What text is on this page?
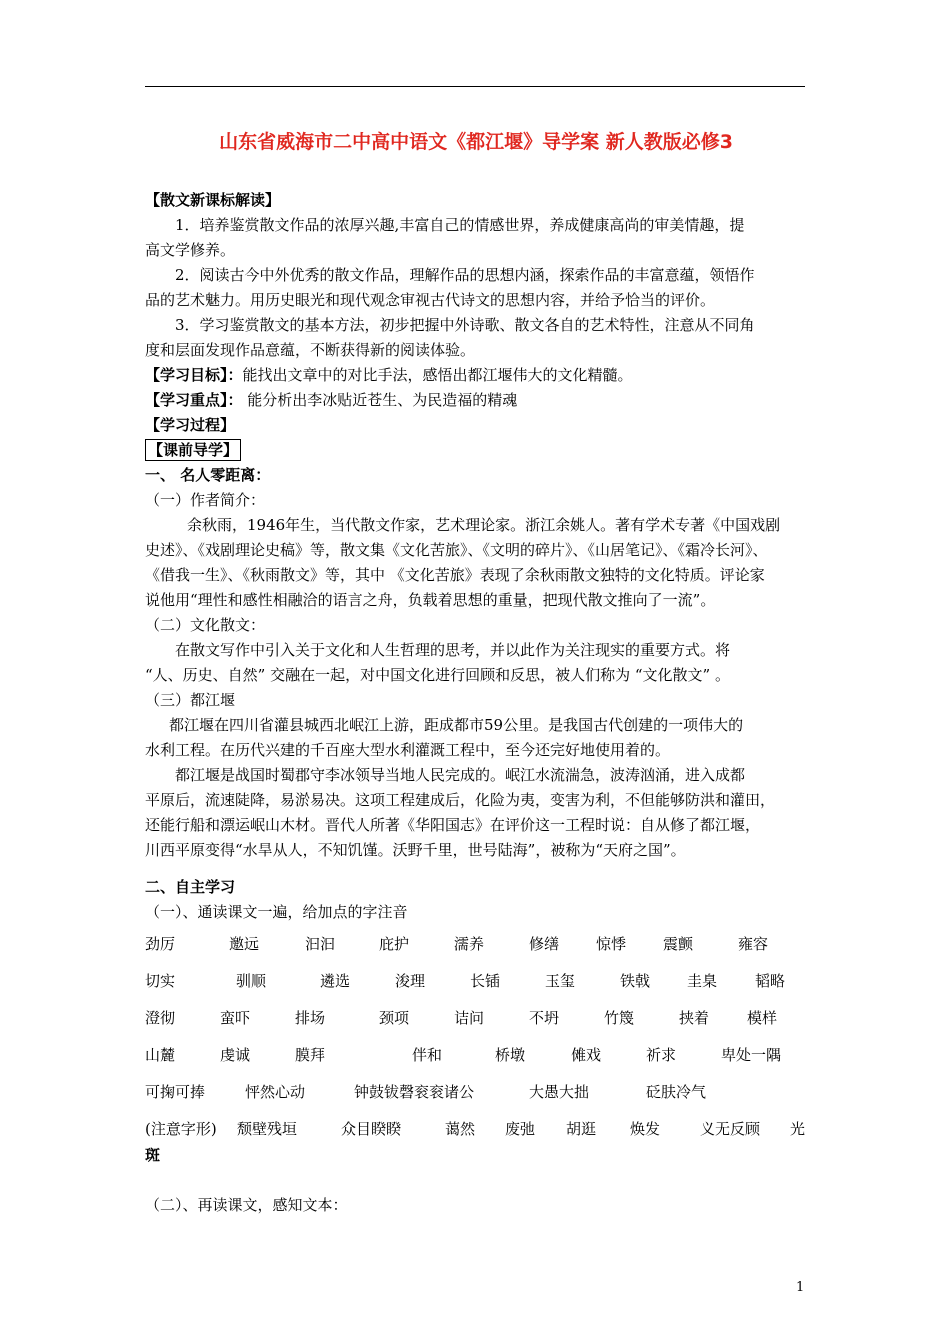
山东省威海市二中高中语文《都江堰》导学案 新人教版必修3
【散文新课标解读】
1．培养鉴赏散文作品的浓厚兴趣,丰富自己的情感世界，养成健康高尚的审美情趣，提
高文学修养。
2．阅读古今中外优秀的散文作品，理解作品的思想内涵，探索作品的丰富意蕴，领悟作
品的艺术魅力。用历史眼光和现代观念审视古代诗文的思想内容，并给予恰当的评价。
3．学习鉴赏散文的基本方法，初步把握中外诗歌、散文各自的艺术特性，注意从不同角
度和层面发现作品意蕴，不断获得新的阅读体验。
【学习目标】：能找出文章中的对比手法，感悟出都江堰伟大的文化精髓。
【学习重点】： 能分析出李冰贴近苍生、为民造福的精魂
【学习过程】
【课前导学】
一、 名人零距离：
（一）作者简介：
余秋雨，1946年生，当代散文作家，艺术理论家。浙江余姚人。著有学术专著《中国戏剧
史述》、《戏剧理论史稿》等，散文集《文化苦旅》、《文明的碎片》、《山居笔记》、《霜冷长河》、
《借我一生》、《秋雨散文》等，其中 《文化苦旅》表现了余秋雨散文独特的文化特质。评论家
说他用“理性和感性相融洽的语言之舟，负载着思想的重量，把现代散文推向了一流”。
（二）文化散文：
在散文写作中引入关于文化和人生哲理的思考，并以此作为关注现实的重要方式。将
“人、历史、自然” 交融在一起，对中国文化进行回顾和反思，被人们称为 “文化散文” 。
（三）都江堰
都江堰在四川省灌县城西北岷江上游，距成都市59公里。是我国古代创建的一项伟大的
水利工程。在历代兴建的千百座大型水利灌溉工程中，至今还完好地使用着的。
都江堰是战国时蜀郡守李冰领导当地人民完成的。岷江水流湍急，波涛汹涌，进入成都
平原后，流速陡降，易淤易决。这项工程建成后，化险为夷，变害为利，不但能够防洪和灌田，
还能行船和漂运岷山木材。晋代人所著《华阳国志》在评价这一工程时说：自从修了都江堰，
川西平原变得“水旱从人，不知饥馑。沃野千里，世号陆海”，被称为“天府之国”。
二、自主学习
（一）、通读课文一遍，给加点的字注音
劲厉	邀远	汩汩	庇护	濡养	修缮 惊悸 震颤	雍容
切实	驯顺	遴选	浚理	长锸	玉玺	铁戟 圭臬	韬略
澄彻	蛮吓	排场	颈项	诘问	不坍	竹篾	挟着	模样
山麓	虔诚	膜拜	伴和	桥墩	傩戏	祈求	卑处一隅
可掬可捧	怦然心动	钟鼓钹磬衮衮诸公	大愚大拙	砭肤冷气
(注意字形) 颓壁残垣	众目睽睽	蔼然 废弛 胡逛 焕发	义无反顾 光
斑
（二）、再读课文，感知文本：
1
